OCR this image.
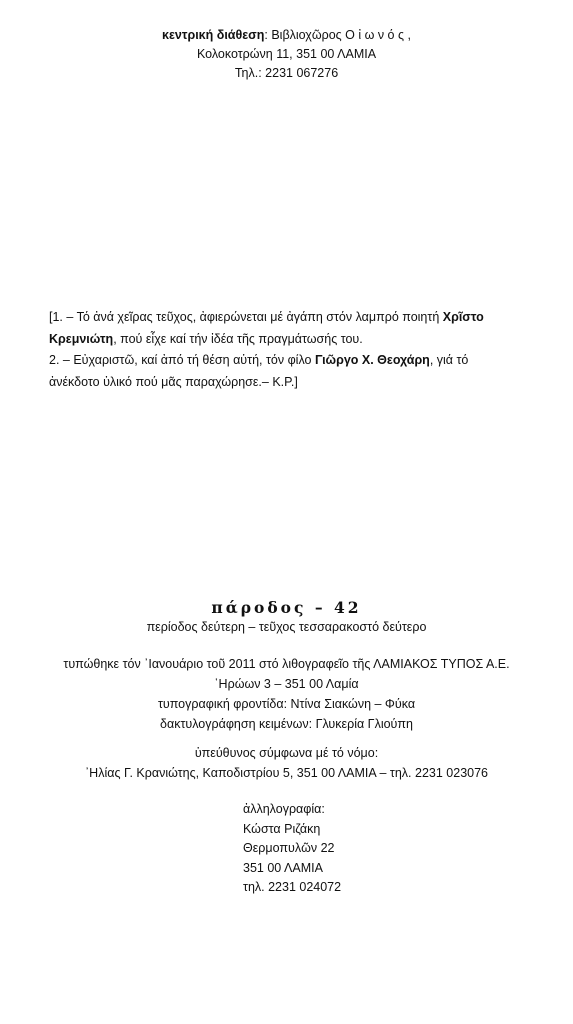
κεντρική διάθεση: Βιβλιοχῶρος Ο ἰ ω ν ό ς ,
Κολοκοτρώνη 11, 351 00 ΛΑΜΙΑ
Τηλ.: 2231 067276
[1. – Τό ἀνά χεῖρας τεῦχος, ἀφιερώνεται μέ ἀγάπη στόν λαμπρό ποιητή Χρῖστο
Κρεμνιώτη, πού εἶχε καί τήν ἰδέα τῆς πραγμάτωσής του.
2. – Εὐχαριστῶ, καί ἀπό τή θέση αὐτή, τόν φίλο Γιῶργο Χ. Θεοχάρη, γιά τό
ἀνέκδοτο ὑλικό πού μᾶς παραχώρησε.– Κ.Ρ.]
πάροδος – 42
περίοδος δεύτερη – τεῦχος τεσσαρακοστό δεύτερο
τυπώθηκε τόν ᾽Ιανουάριο τοῦ 2011 στό λιθογραφεῖο τῆς ΛΑΜΙΑΚΟΣ ΤΥΠΟΣ Α.Ε.
῾Ηρώων 3 – 351 00 Λαμία
τυπογραφική φροντίδα: Ντίνα Σιακώνη – Φύκα
δακτυλογράφηση κειμένων: Γλυκερία Γλιούπη
ὑπεύθυνος σύμφωνα μέ τό νόμο:
᾽Ηλίας Γ. Κρανιώτης, Καποδιστρίου 5, 351 00 ΛΑΜΙΑ – τηλ. 2231 023076
ἀλληλογραφία:
Κώστα Ριζάκη
Θερμοπυλῶν 22
351 00 ΛΑΜΙΑ
τηλ. 2231 024072
